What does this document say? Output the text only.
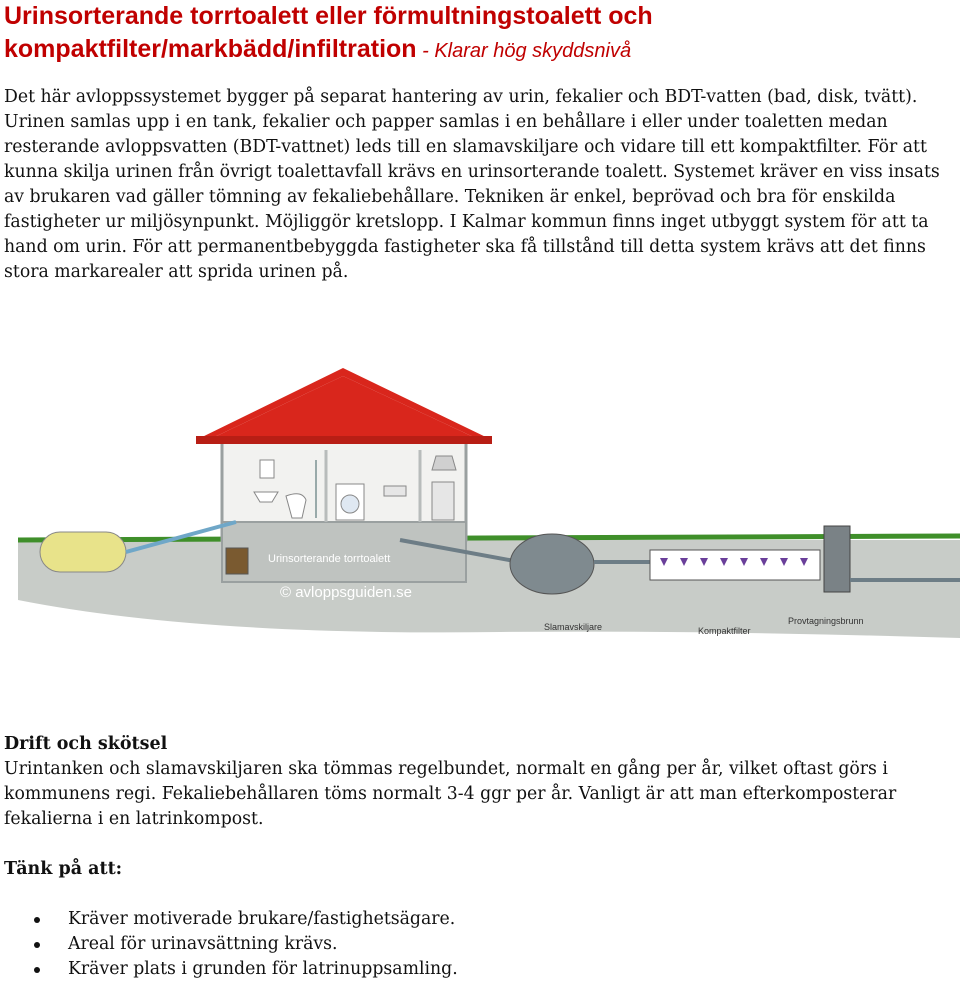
Urinsorterande torrtoalett eller förmultningstoalett och kompaktfilter/markbädd/infiltration - Klarar hög skyddsnivå

Det här avloppssystemet bygger på separat hantering av urin, fekalier och BDT-vatten (bad, disk, tvätt). Urinen samlas upp i en tank, fekalier och papper samlas i en behållare i eller under toaletten medan resterande avloppsvatten (BDT-vattnet) leds till en slamavskiljare och vidare till ett kompaktfilter. För att kunna skilja urinen från övrigt toalettavfall krävs en urinsorterande toalett. Systemet kräver en viss insats av brukaren vad gäller tömning av fekaliebehållare. Tekniken är enkel, beprövad och bra för enskilda fastigheter ur miljösynpunkt. Möjliggör kretslopp. I Kalmar kommun finns inget utbyggt system för att ta hand om urin. För att permanentbebyggda fastigheter ska få tillstånd till detta system krävs att det finns stora markarealer att sprida urinen på.

Urinsorterande torrtoalett
© avloppsguiden.se
Slamavskiljare	Kompaktfilter
Provtagningsbrunn
Drift och skötsel

Urintanken och slamavskiljaren ska tömmas regelbundet, normalt en gång per år, vilket oftast görs i kommunens regi. Fekaliebehållaren töms normalt 3-4 ggr per år. Vanligt är att man efterkomposterar fekalierna i en latrinkompost.

Tänk på att:
Kräver motiverade brukare/fastighetsägare.
Areal för urinavsättning krävs.
Kräver plats i grunden för latrinuppsamling.
